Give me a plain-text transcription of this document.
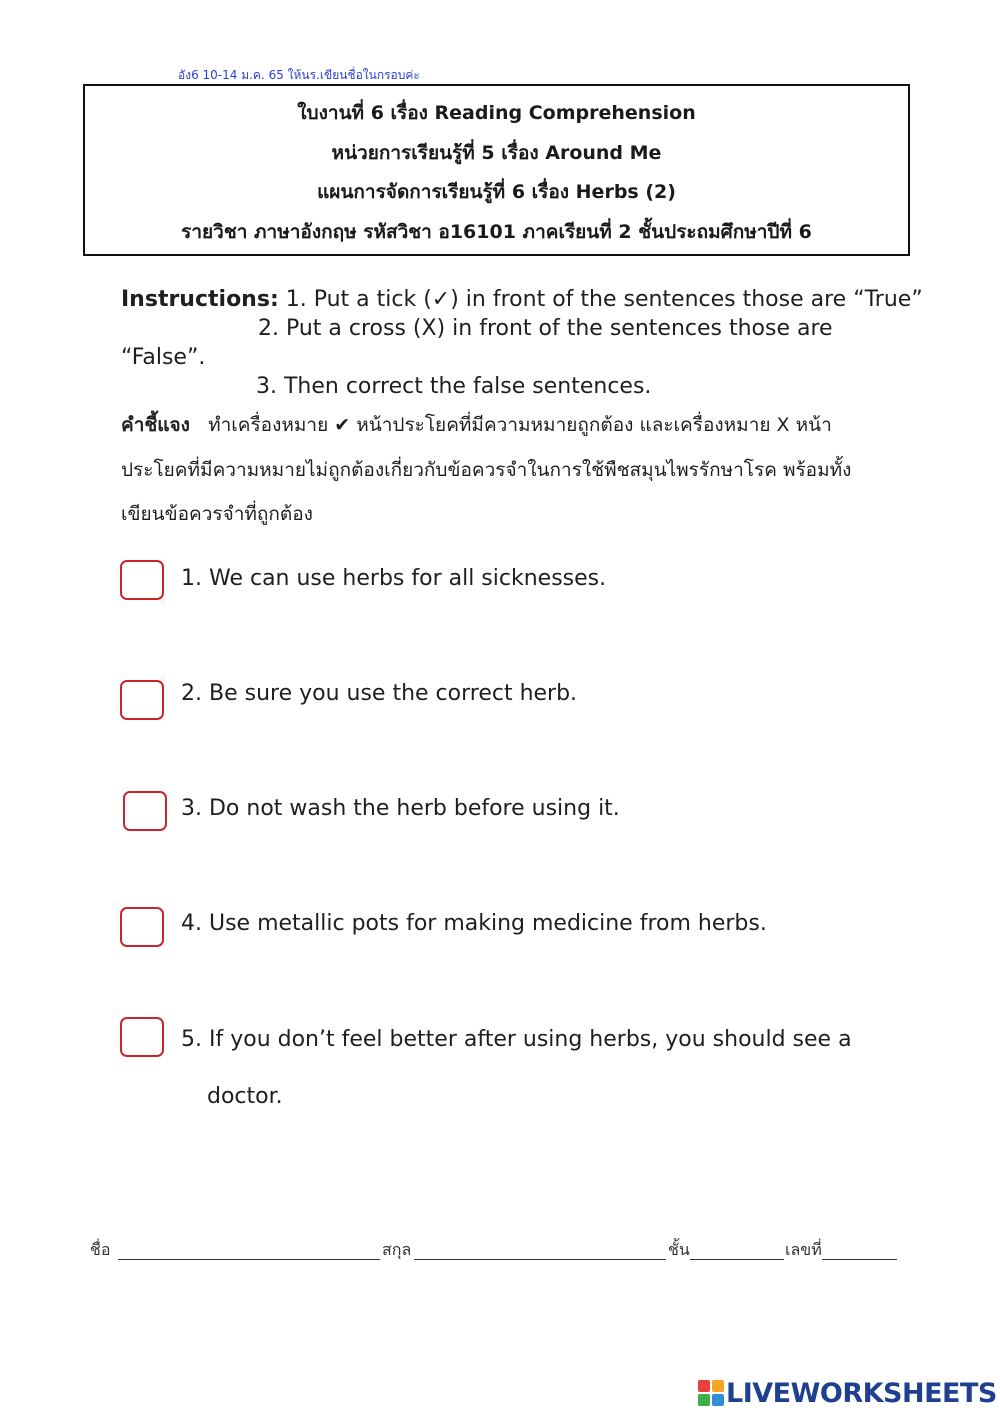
อัง6 10-14 ม.ค. 65 ให้นร.เขียนชื่อในกรอบค่ะ
ใบงานที่ 6 เรื่อง Reading Comprehension
หน่วยการเรียนรู้ที่ 5 เรื่อง Around Me
แผนการจัดการเรียนรู้ที่ 6 เรื่อง Herbs (2)
รายวิชา ภาษาอังกฤษ รหัสวิชา อ16101 ภาคเรียนที่ 2 ชั้นประถมศึกษาปีที่ 6
Instructions: 1. Put a tick (✓) in front of the sentences those are “True”
2. Put a cross (X) in front of the sentences those are
“False”.
3. Then correct the false sentences.
คำชี้แจง ทำเครื่องหมาย ✔ หน้าประโยคที่มีความหมายถูกต้อง และเครื่องหมาย X หน้า
ประโยคที่มีความหมายไม่ถูกต้องเกี่ยวกับข้อควรจำในการใช้พืชสมุนไพรรักษาโรค พร้อมทั้ง
เขียนข้อควรจำที่ถูกต้อง
1. We can use herbs for all sicknesses.
2. Be sure you use the correct herb.
3. Do not wash the herb before using it.
4. Use metallic pots for making medicine from herbs.
5. If you don’t feel better after using herbs, you should see a
doctor.
ชื่อ	สกุล	ชั้น	เลขที่
LIVEWORKSHEETS
